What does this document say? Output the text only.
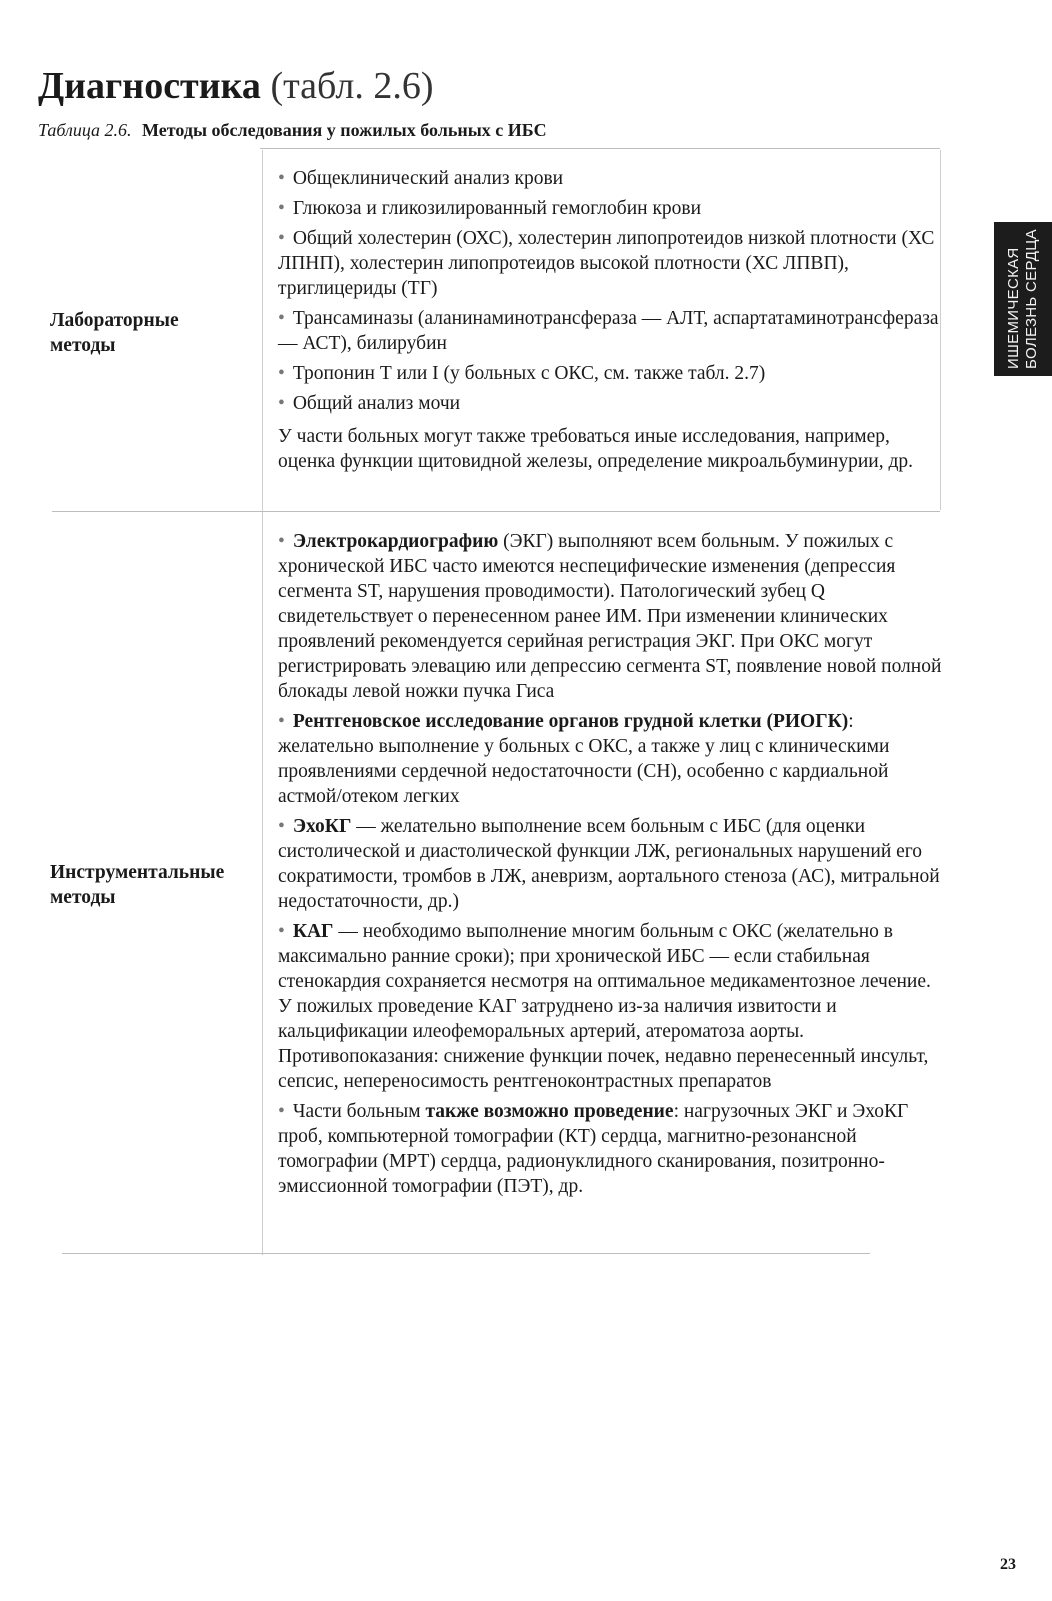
Диагностика (табл. 2.6)
Таблица 2.6. Методы обследования у пожилых больных с ИБС
ИШЕМИЧЕСКАЯ БОЛЕЗНЬ СЕРДЦА
Лабораторные
методы
• Общеклинический анализ крови
• Глюкоза и гликозилированный гемоглобин крови
• Общий холестерин (ОХС), холестерин липопротеидов низкой плотности (ХС ЛПНП), холестерин липопротеидов высокой плотности (ХС ЛПВП), триглицериды (ТГ)
• Трансаминазы (аланинаминотрансфераза — АЛТ, аспартатаминотрансфераза — АСТ), билирубин
• Тропонин Т или I (у больных с ОКС, см. также табл. 2.7)
• Общий анализ мочи
У части больных могут также требоваться иные исследования, например, оценка функции щитовидной железы, определение микроальбуминурии, др.
Инструментальные
методы
• Электрокардиографию (ЭКГ) выполняют всем больным. У пожилых с хронической ИБС часто имеются неспецифические изменения (депрессия сегмента ST, нарушения проводимости). Патологический зубец Q свидетельствует о перенесенном ранее ИМ. При изменении клинических проявлений рекомендуется серийная регистрация ЭКГ. При ОКС могут регистрировать элевацию или депрессию сегмента ST, появление новой полной блокады левой ножки пучка Гиса
• Рентгеновское исследование органов грудной клетки (РИОГК): желательно выполнение у больных с ОКС, а также у лиц с клиническими проявлениями сердечной недостаточности (СН), особенно с кардиальной астмой/отеком легких
• ЭхоКГ — желательно выполнение всем больным с ИБС (для оценки систолической и диастолической функции ЛЖ, региональных нарушений его сократимости, тромбов в ЛЖ, аневризм, аортального стеноза (АС), митральной недостаточности, др.)
• КАГ — необходимо выполнение многим больным с ОКС (желательно в максимально ранние сроки); при хронической ИБС — если стабильная стенокардия сохраняется несмотря на оптимальное медикаментозное лечение. У пожилых проведение КАГ затруднено из-за наличия извитости и кальцификации илеофеморальных артерий, атероматоза аорты. Противопоказания: снижение функции почек, недавно перенесенный инсульт, сепсис, непереносимость рентгеноконтрастных препаратов
• Части больным также возможно проведение: нагрузочных ЭКГ и ЭхоКГ проб, компьютерной томографии (КТ) сердца, магнитно-резонансной томографии (МРТ) сердца, радионуклидного сканирования, позитронно-эмиссионной томографии (ПЭТ), др.
23
